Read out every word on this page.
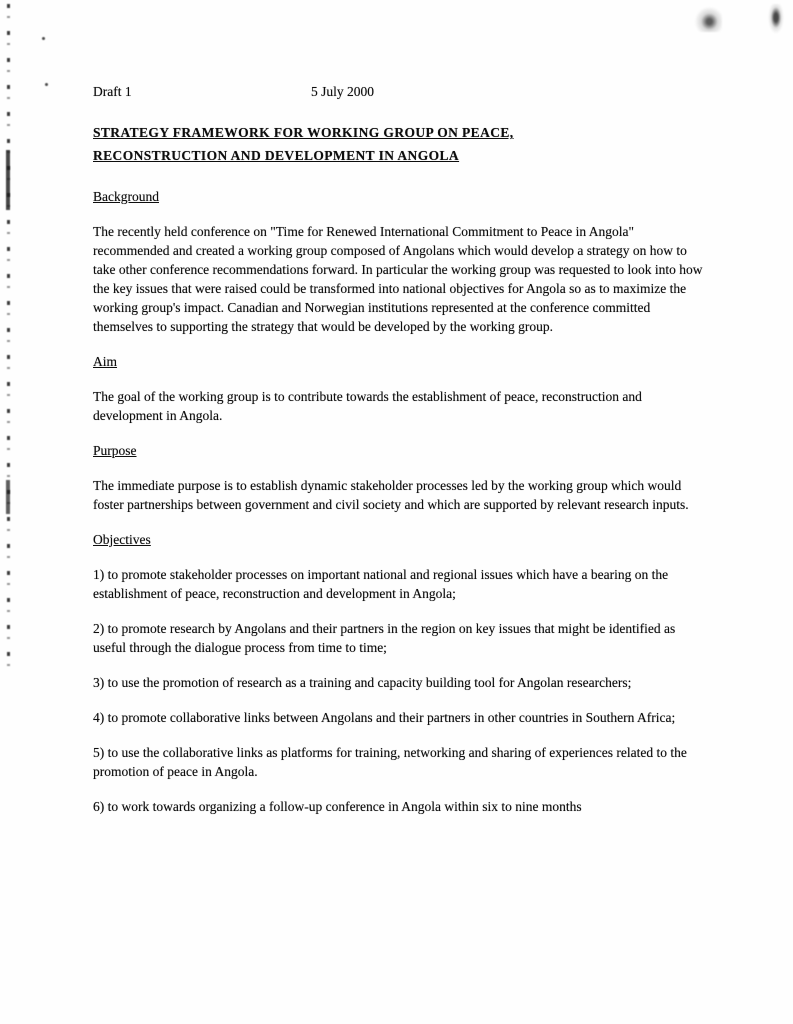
Draft 1	5 July 2000
STRATEGY FRAMEWORK FOR WORKING GROUP ON PEACE,
RECONSTRUCTION AND DEVELOPMENT IN ANGOLA
Background

The recently held conference on "Time for Renewed International Commitment to Peace in Angola" recommended and created a working group composed of Angolans which would develop a strategy on how to take other conference recommendations forward. In particular the working group was requested to look into how the key issues that were raised could be transformed into national objectives for Angola so as to maximize the working group's impact. Canadian and Norwegian institutions represented at the conference committed themselves to supporting the strategy that would be developed by the working group.

Aim

The goal of the working group is to contribute towards the establishment of peace, reconstruction and development in Angola.

Purpose

The immediate purpose is to establish dynamic stakeholder processes led by the working group which would foster partnerships between government and civil society and which are supported by relevant research inputs.

Objectives

1) to promote stakeholder processes on important national and regional issues which have a bearing on the establishment of peace, reconstruction and development in Angola;

2) to promote research by Angolans and their partners in the region on key issues that might be identified as useful through the dialogue process from time to time;

3) to use the promotion of research as a training and capacity building tool for Angolan researchers;

4) to promote collaborative links between Angolans and their partners in other countries in Southern Africa;

5) to use the collaborative links as platforms for training, networking and sharing of experiences related to the promotion of peace in Angola.

6) to work towards organizing a follow-up conference in Angola within six to nine months
